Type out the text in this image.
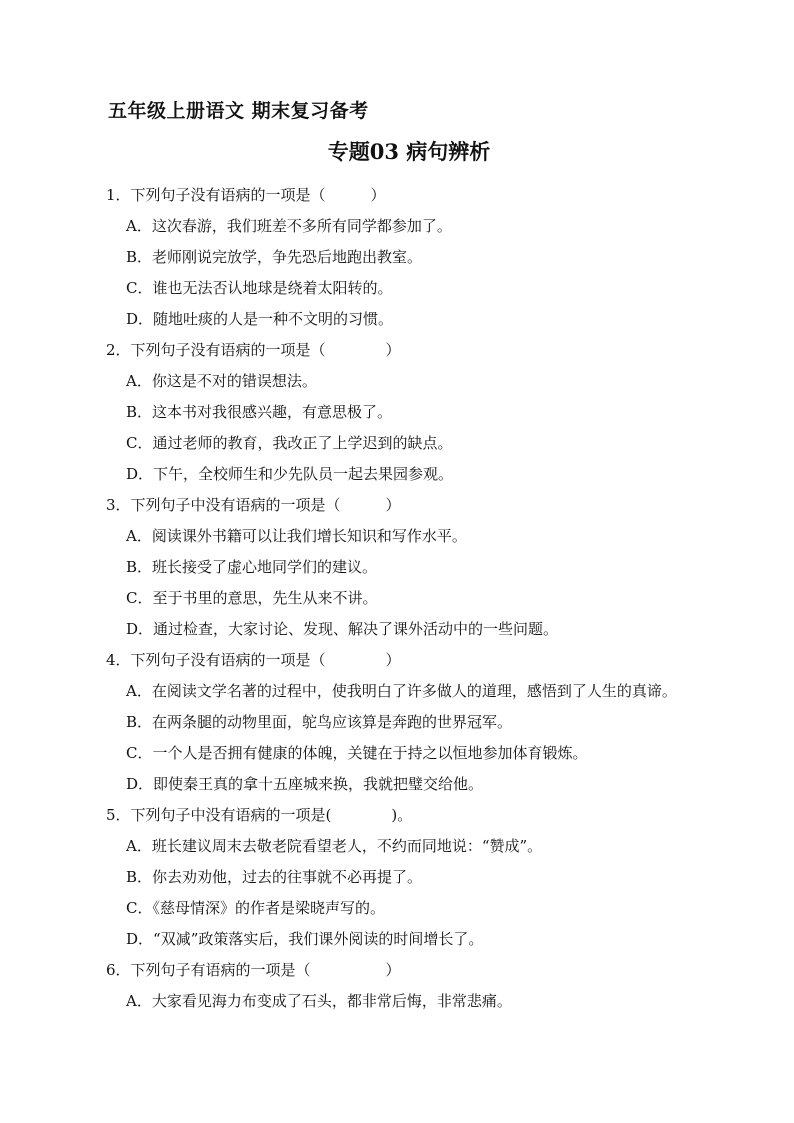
五年级上册语文 期末复习备考
专题03 病句辨析
1．下列句子没有语病的一项是（　　　）
A．这次春游，我们班差不多所有同学都参加了。
B．老师刚说完放学，争先恐后地跑出教室。
C．谁也无法否认地球是绕着太阳转的。
D．随地吐痰的人是一种不文明的习惯。
2．下列句子没有语病的一项是（　　　　）
A．你这是不对的错误想法。
B．这本书对我很感兴趣，有意思极了。
C．通过老师的教育，我改正了上学迟到的缺点。
D．下午，全校师生和少先队员一起去果园参观。
3．下列句子中没有语病的一项是（　　　）
A．阅读课外书籍可以让我们增长知识和写作水平。
B．班长接受了虚心地同学们的建议。
C．至于书里的意思，先生从来不讲。
D．通过检查，大家讨论、发现、解决了课外活动中的一些问题。
4．下列句子没有语病的一项是（　　　　）
A．在阅读文学名著的过程中，使我明白了许多做人的道理，感悟到了人生的真谛。
B．在两条腿的动物里面，鸵鸟应该算是奔跑的世界冠军。
C．一个人是否拥有健康的体魄，关键在于持之以恒地参加体育锻炼。
D．即使秦王真的拿十五座城来换，我就把璧交给他。
5．下列句子中没有语病的一项是(　　　　)。
A．班长建议周末去敬老院看望老人，不约而同地说：“赞成”。
B．你去劝劝他，过去的往事就不必再提了。
C．《慈母情深》的作者是梁晓声写的。
D．“双减”政策落实后，我们课外阅读的时间增长了。
6．下列句子有语病的一项是（　　　　　）
A．大家看见海力布变成了石头，都非常后悔，非常悲痛。
